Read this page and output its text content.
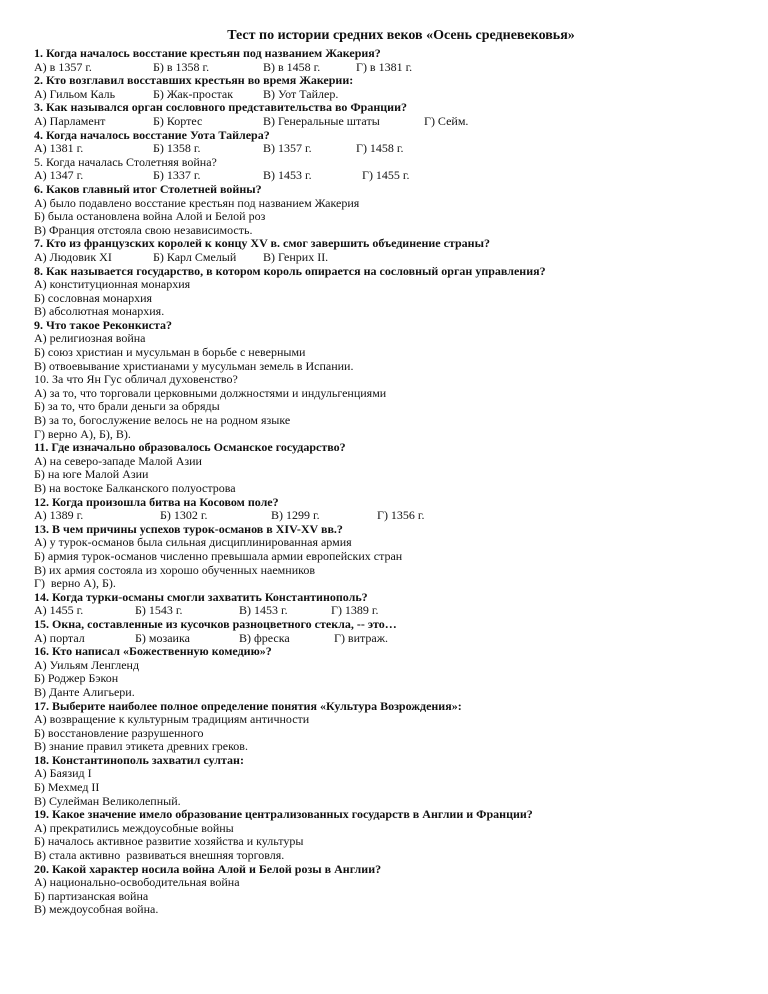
Тест по истории средних веков «Осень средневековья»
1. Когда началось восстание крестьян под названием Жакерия?
А) в 1357 г.	Б) в 1358 г.	В) в 1458 г.	Г) в 1381 г.
2. Кто возглавил восставших крестьян во время Жакерии:
А) Гильом Каль	Б) Жак-простак В) Уот Тайлер.
3. Как назывался орган сословного представительства во Франции?
А) Парламент	Б) Кортес	В) Генеральные штаты	Г) Сейм.
4. Когда началось восстание Уота Тайлера?
А) 1381 г.	Б) 1358 г.	В) 1357 г.	Г) 1458 г.
5. Когда началась Столетняя война?
А) 1347 г.	Б) 1337 г.	В) 1453 г.	Г) 1455 г.
6. Каков главный итог Столетней войны?
А) было подавлено восстание крестьян под названием Жакерия
Б) была остановлена война Алой и Белой роз
В) Франция отстояла свою независимость.
7. Кто из французских королей к концу XV в. смог завершить объединение страны?
А) Людовик XI	Б) Карл Смелый В) Генрих II.
8. Как называется государство, в котором король опирается на сословный орган управления?
А) конституционная монархия
Б) сословная монархия
В) абсолютная монархия.
9. Что такое Реконкиста?
А) религиозная война
Б) союз христиан и мусульман в борьбе с неверными
В) отвоевывание христианами у мусульман земель в Испании.
10. За что Ян Гус обличал духовенство?
А) за то, что торговали церковными должностями и индульгенциями
Б) за то, что брали деньги за обряды
В) за то, богослужение велось не на родном языке
Г) верно А), Б), В).
11. Где изначально образовалось Османское государство?
А) на северо-западе Малой Азии
Б) на юге Малой Азии
В) на востоке Балканского полуострова
12. Когда произошла битва на Косовом поле?
А) 1389 г.	Б) 1302 г.	В) 1299 г.	Г) 1356 г.
13. В чем причины успехов турок-османов в XIV-XV вв.?
А) у турок-османов была сильная дисциплинированная армия
Б) армия турок-османов численно превышала армии европейских стран
В) их армия состояла из хорошо обученных наемников
Г)  верно А), Б).
14. Когда турки-османы смогли захватить Константинополь?
А) 1455 г.	Б) 1543 г.	В) 1453 г.	Г) 1389 г.
15. Окна, составленные из кусочков разноцветного стекла, -- это…
А) портал	Б) мозаика	В) фреска	Г) витраж.
16. Кто написал «Божественную комедию»?
А) Уильям Ленгленд
Б) Роджер Бэкон
В) Данте Алигьери.
17. Выберите наиболее полное определение понятия «Культура Возрождения»:
А) возвращение к культурным традициям античности
Б) восстановление разрушенного
В) знание правил этикета древних греков.
18. Константинополь захватил султан:
А) Баязид I
Б) Мехмед II
В) Сулейман Великолепный.
19. Какое значение имело образование централизованных государств в Англии и Франции?
А) прекратились междоусобные войны
Б) началось активное развитие хозяйства и культуры
В) стала активно  развиваться внешняя торговля.
20. Какой характер носила война Алой и Белой розы в Англии?
А) национально-освободительная война
Б) партизанская война
В) междоусобная война.
